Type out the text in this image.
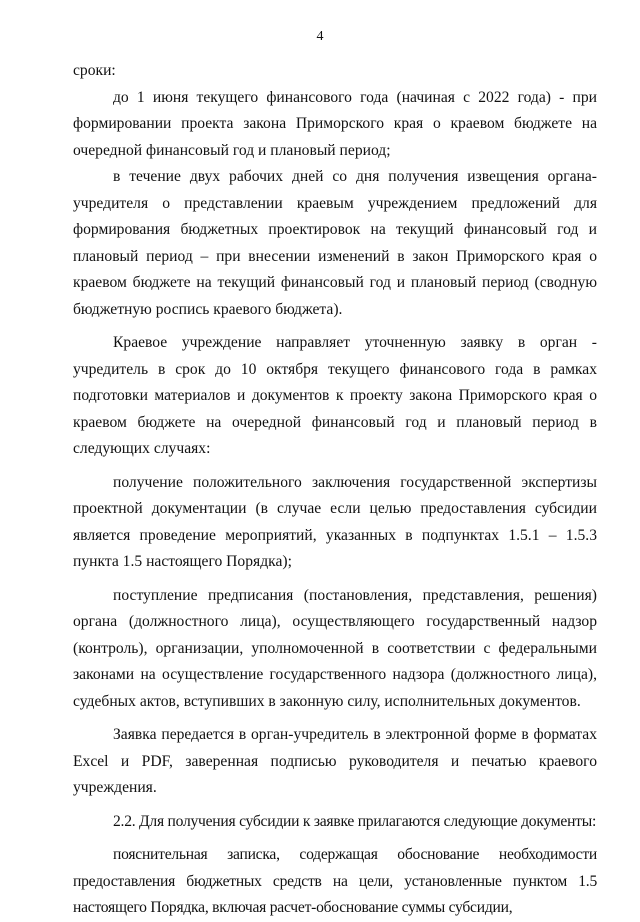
4

сроки:

до 1 июня текущего финансового года (начиная с 2022 года) - при формировании проекта закона Приморского края о краевом бюджете на очередной финансовый год и плановый период;

в течение двух рабочих дней со дня получения извещения органа-учредителя о представлении краевым учреждением предложений для формирования бюджетных проектировок на текущий финансовый год и плановый период – при внесении изменений в закон Приморского края о краевом бюджете на текущий финансовый год и плановый период (сводную бюджетную роспись краевого бюджета).

Краевое учреждение направляет уточненную заявку в орган - учредитель в срок до 10 октября текущего финансового года в рамках подготовки материалов и документов к проекту закона Приморского края о краевом бюджете на очередной финансовый год и плановый период в следующих случаях:

получение положительного заключения государственной экспертизы проектной документации (в случае если целью предоставления субсидии является проведение мероприятий, указанных в подпунктах 1.5.1 – 1.5.3 пункта 1.5 настоящего Порядка);

поступление предписания (постановления, представления, решения) органа (должностного лица), осуществляющего государственный надзор (контроль), организации, уполномоченной в соответствии с федеральными законами на осуществление государственного надзора (должностного лица), судебных актов, вступивших в законную силу, исполнительных документов.

Заявка передается в орган-учредитель в электронной форме в форматах Excel и PDF, заверенная подписью руководителя и печатью краевого учреждения.

2.2. Для получения субсидии к заявке прилагаются следующие документы:

пояснительная записка, содержащая обоснование необходимости предоставления бюджетных средств на цели, установленные пунктом 1.5 настоящего Порядка, включая расчет-обоснование суммы субсидии,
